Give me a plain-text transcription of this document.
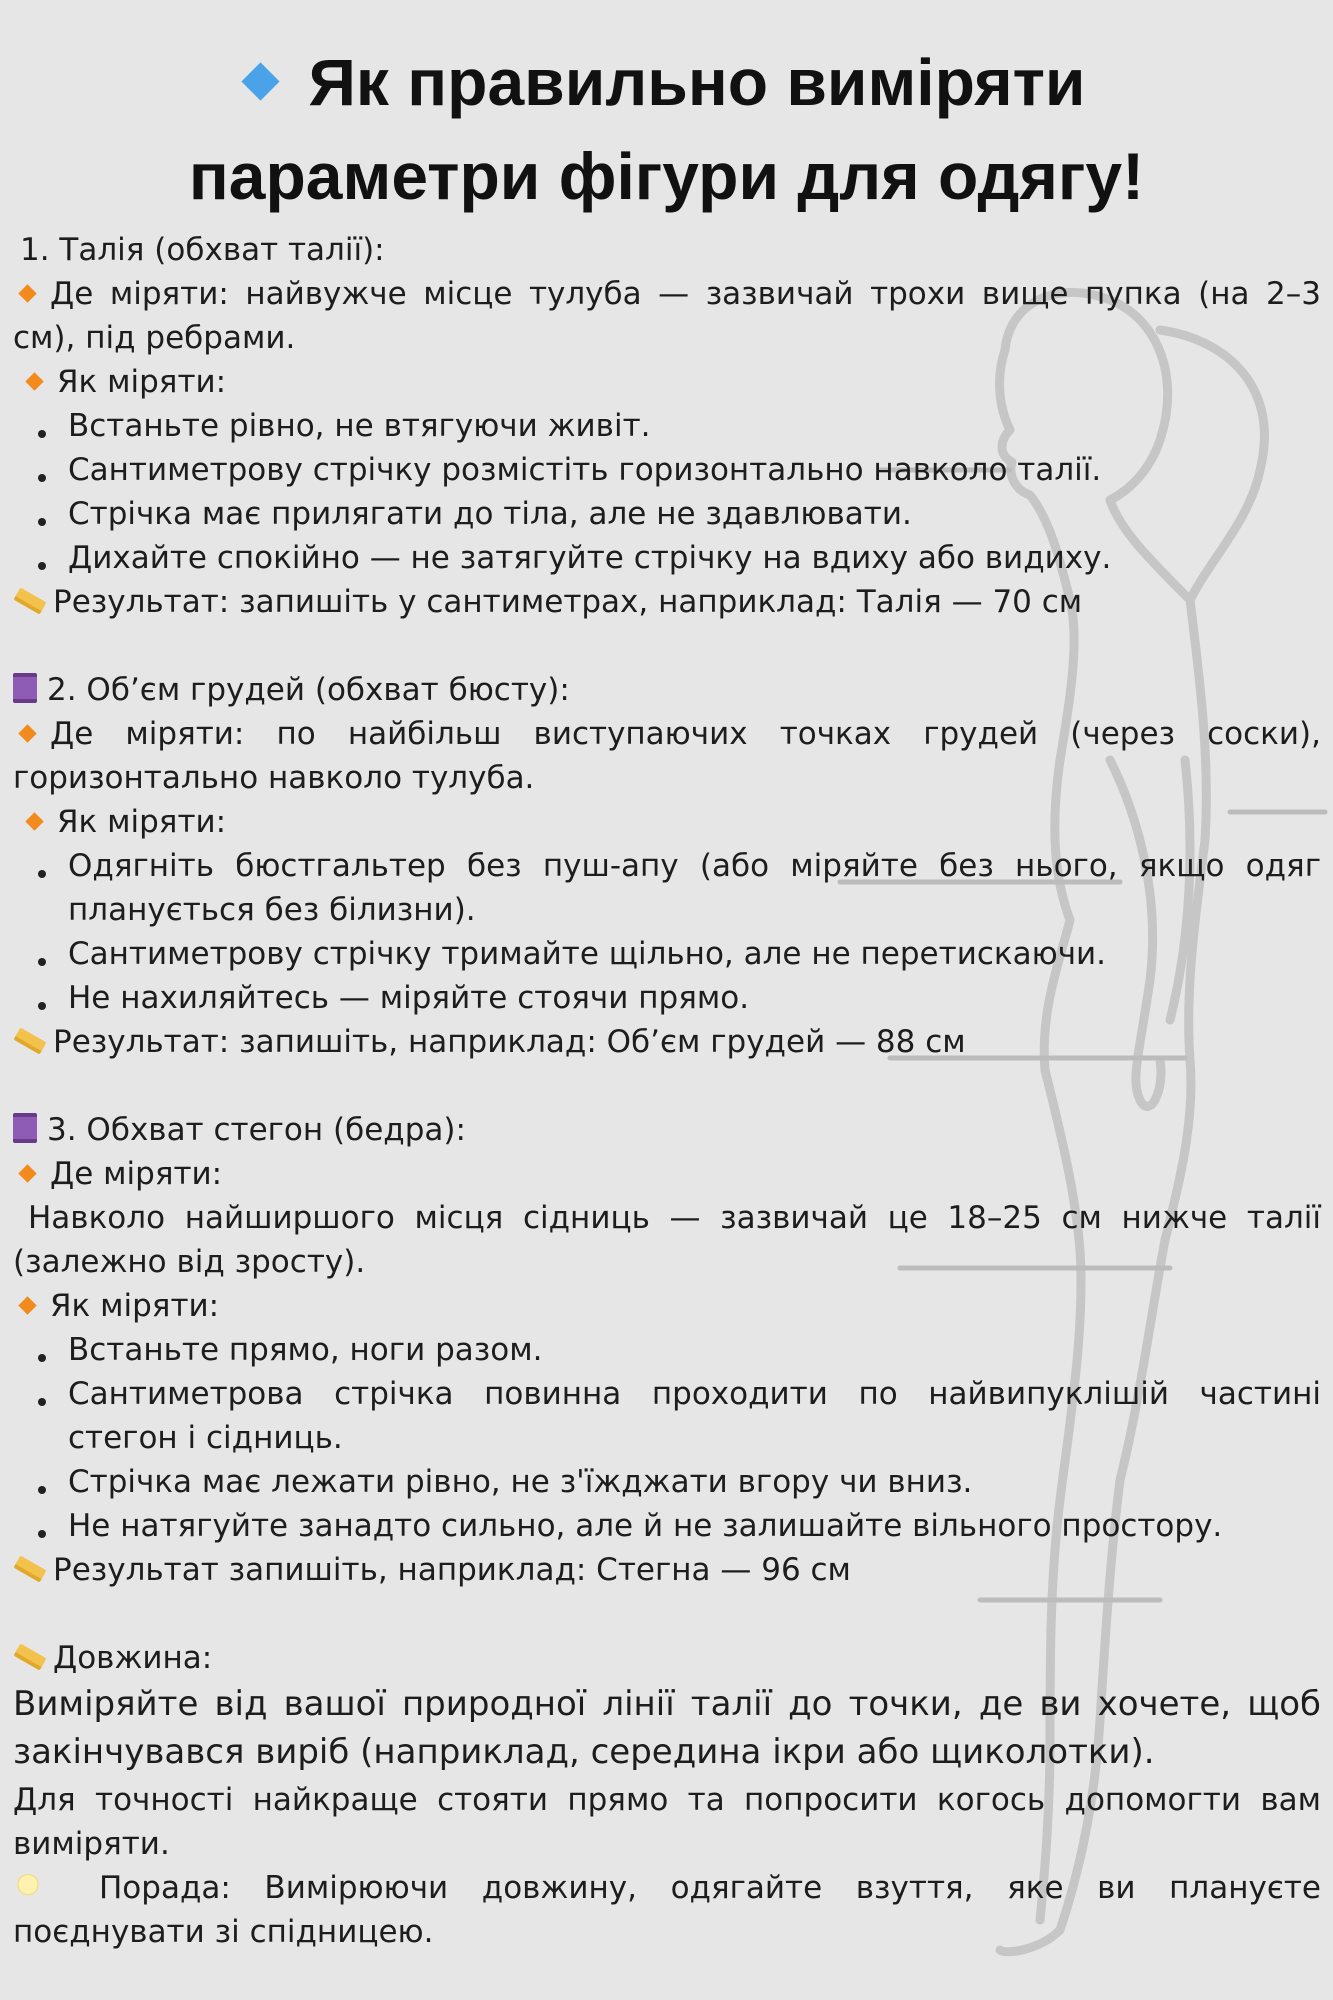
Як правильно виміряти
параметри фігури для одягу!
1. Талія (обхват талії):
Де міряти: найвужче місце тулуба — зазвичай трохи вище пупка (на 2–3
см), під ребрами.
Як міряти:
Встаньте рівно, не втягуючи живіт.
Сантиметрову стрічку розмістіть горизонтально навколо талії.
Стрічка має прилягати до тіла, але не здавлювати.
Дихайте спокійно — не затягуйте стрічку на вдиху або видиху.
Результат: запишіть у сантиметрах, наприклад: Талія — 70 см
2. Об’єм грудей (обхват бюсту):
Де міряти: по найбільш виступаючих точках грудей (через соски),
горизонтально навколо тулуба.
Як міряти:
Одягніть бюстгальтер без пуш-апу (або міряйте без нього, якщо одяг
планується без білизни).
Сантиметрову стрічку тримайте щільно, але не перетискаючи.
Не нахиляйтесь — міряйте стоячи прямо.
Результат: запишіть, наприклад: Об’єм грудей — 88 см
3. Обхват стегон (бедра):
Де міряти:
Навколо найширшого місця сідниць — зазвичай це 18–25 см нижче талії
(залежно від зросту).
Як міряти:
Встаньте прямо, ноги разом.
Сантиметрова стрічка повинна проходити по найвипуклішій частині
стегон і сідниць.
Стрічка має лежати рівно, не з'їжджати вгору чи вниз.
Не натягуйте занадто сильно, але й не залишайте вільного простору.
Результат запишіть, наприклад: Стегна — 96 см
Довжина:
Виміряйте від вашої природної лінії талії до точки, де ви хочете, щоб
закінчувався виріб (наприклад, середина ікри або щиколотки).
Для точності найкраще стояти прямо та попросити когось допомогти вам
виміряти.
Порада: Вимірюючи довжину, одягайте взуття, яке ви плануєте
поєднувати зі спідницею.
